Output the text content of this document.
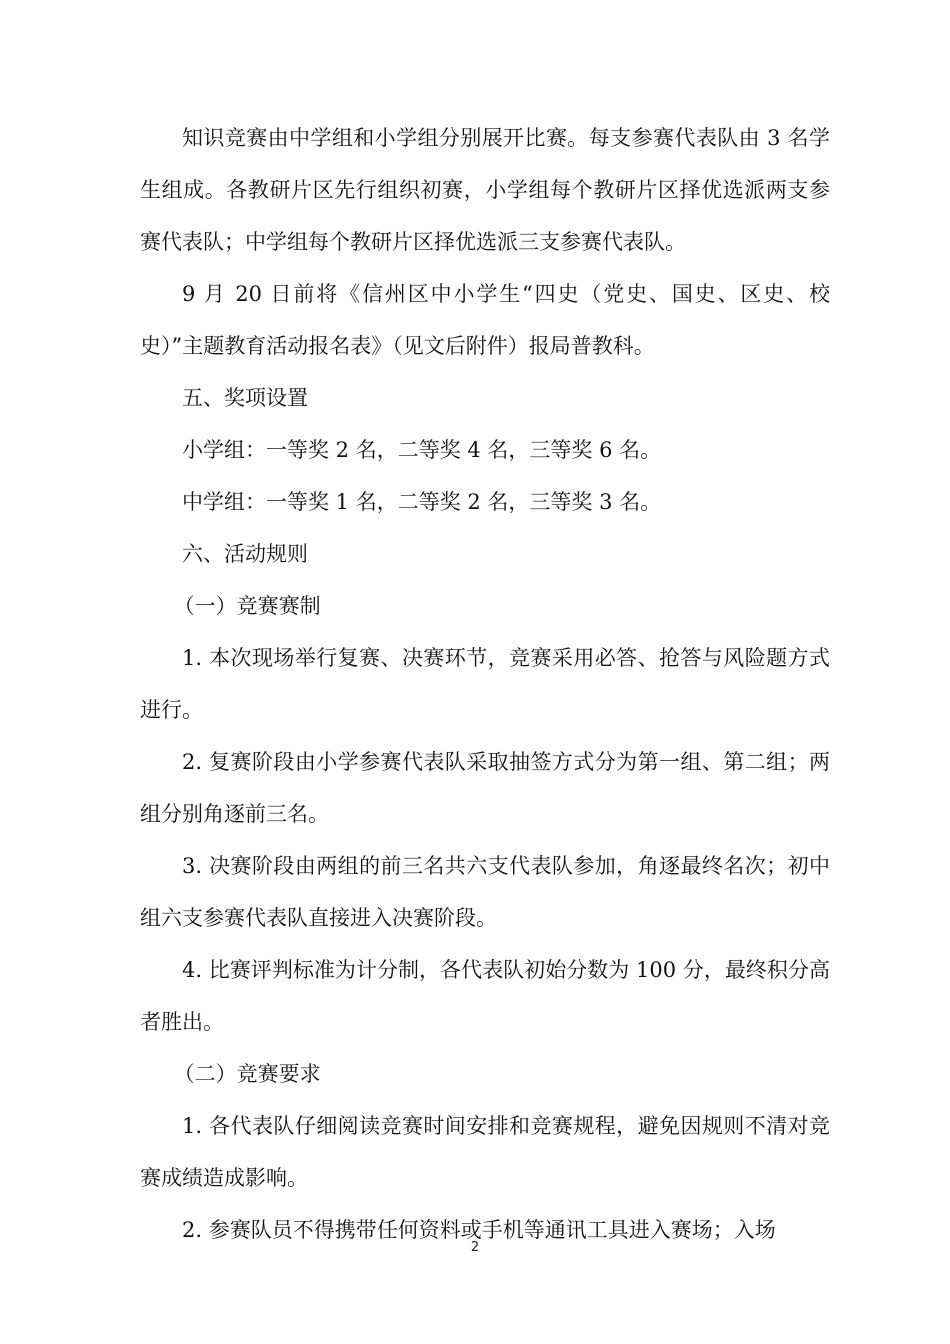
知识竞赛由中学组和小学组分别展开比赛。每支参赛代表队由 3 名学生组成。各教研片区先行组织初赛，小学组每个教研片区择优选派两支参赛代表队；中学组每个教研片区择优选派三支参赛代表队。

9 月 20 日前将《信州区中小学生“四史（党史、国史、区史、校史）”主题教育活动报名表》（见文后附件）报局普教科。

五、奖项设置

小学组：一等奖 2 名，二等奖 4 名，三等奖 6 名。

中学组：一等奖 1 名，二等奖 2 名，三等奖 3 名。

六、活动规则

（一）竞赛赛制

1. 本次现场举行复赛、决赛环节，竞赛采用必答、抢答与风险题方式进行。

2. 复赛阶段由小学参赛代表队采取抽签方式分为第一组、第二组；两组分别角逐前三名。

3. 决赛阶段由两组的前三名共六支代表队参加，角逐最终名次；初中组六支参赛代表队直接进入决赛阶段。

4. 比赛评判标准为计分制，各代表队初始分数为 100 分，最终积分高者胜出。

（二）竞赛要求

1. 各代表队仔细阅读竞赛时间安排和竞赛规程，避免因规则不清对竞赛成绩造成影响。

2. 参赛队员不得携带任何资料或手机等通讯工具进入赛场；入场

2
